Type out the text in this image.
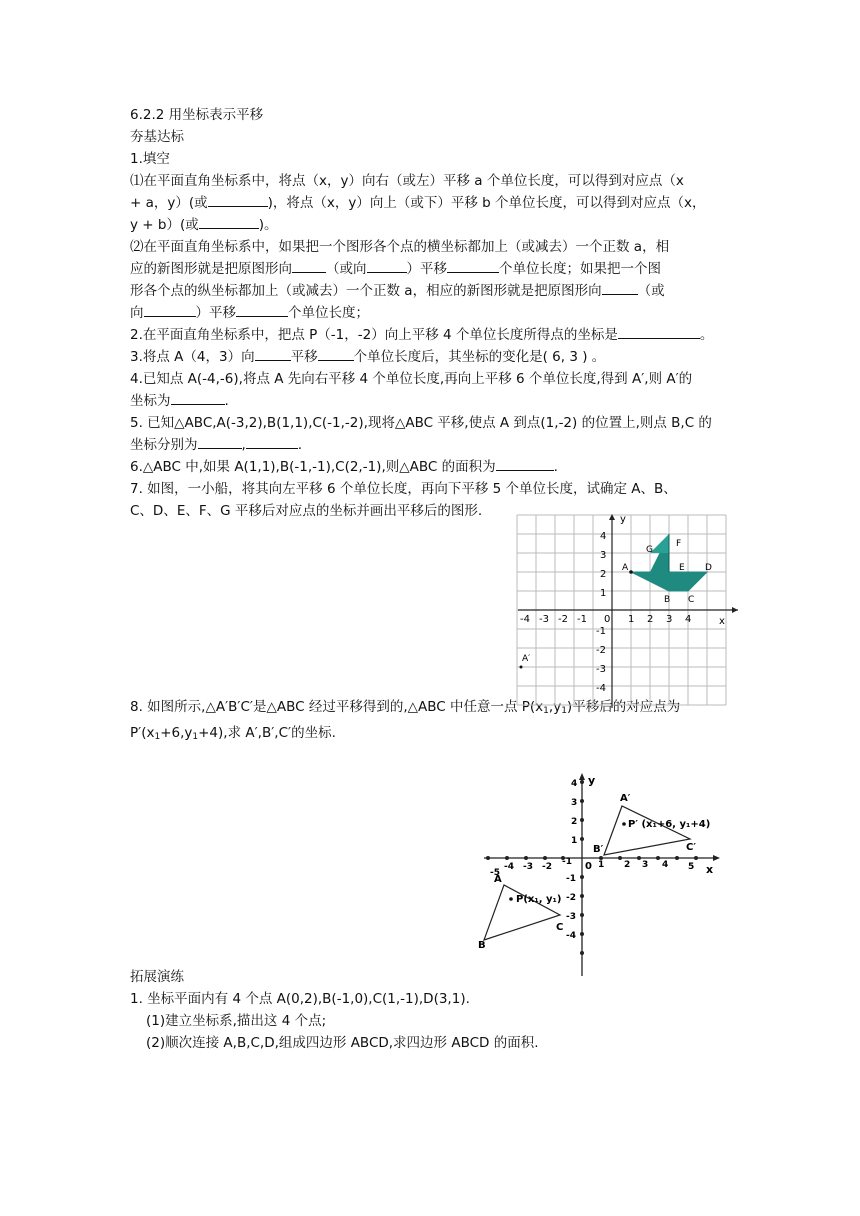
6.2.2 用坐标表示平移
夯基达标
1.填空
⑴在平面直角坐标系中，将点（x，y）向右（或左）平移 a 个单位长度，可以得到对应点（x
+ a，y）(或	)，将点（x，y）向上（或下）平移 b 个单位长度，可以得到对应点（x，
y + b）(或	)。
⑵在平面直角坐标系中，如果把一个图形各个点的横坐标都加上（或减去）一个正数 a，相
应的新图形就是把原图形向	（或向	）平移	个单位长度；如果把一个图
形各个点的纵坐标都加上（或减去）一个正数 a，相应的新图形就是把原图形向	（或
向	）平移	个单位长度；
2.在平面直角坐标系中，把点 P（-1，-2）向上平移 4 个单位长度所得点的坐标是	。
3.将点 A（4，3）向	平移	个单位长度后，其坐标的变化是( 6, 3 ) 。
4.已知点 A(-4,-6),将点 A 先向右平移 4 个单位长度,再向上平移 6 个单位长度,得到 A′,则 A′的
坐标为	.
5. 已知△ABC,A(-3,2),B(1,1),C(-1,-2),现将△ABC 平移,使点 A 到点(1,-2) 的位置上,则点 B,C 的
坐标分别为	,	.
6.△ABC 中,如果 A(1,1),B(-1,-1),C(2,-1),则△ABC 的面积为	.
7. 如图，一小船，将其向左平移 6 个单位长度，再向下平移 5 个单位长度，试确定 A、B、
C、D、E、F、G 平移后对应点的坐标并画出平移后的图形.
8. 如图所示,△A′B′C′是△ABC 经过平移得到的,△ABC 中任意一点 $P(x_1,y_1)$平移后的对应点为
$P'(x_1+6,y_1+4)$,求 A′,B′,C′的坐标.
拓展演练
1. 坐标平面内有 4 个点 A(0,2),B(-1,0),C(1,-1),D(3,1).
(1)建立坐标系,描出这 4 个点;
(2)顺次连接 A,B,C,D,组成四边形 ABCD,求四边形 ABCD 的面积.
x
y
0
-4 -3 -2 -1	1 2 3 4
4
3
2
1
-1
-2
-3
-4
A
B C
D
E
F
G
A′
x
y
0
-5
-4 -3 -2 -1	1 2 3 4 5
4
3
2
1
-1
-2
-3
-4
A
B
C
P(x₁, y₁)
A′
B′	C′
P′ (x₁+6, y₁+4)
